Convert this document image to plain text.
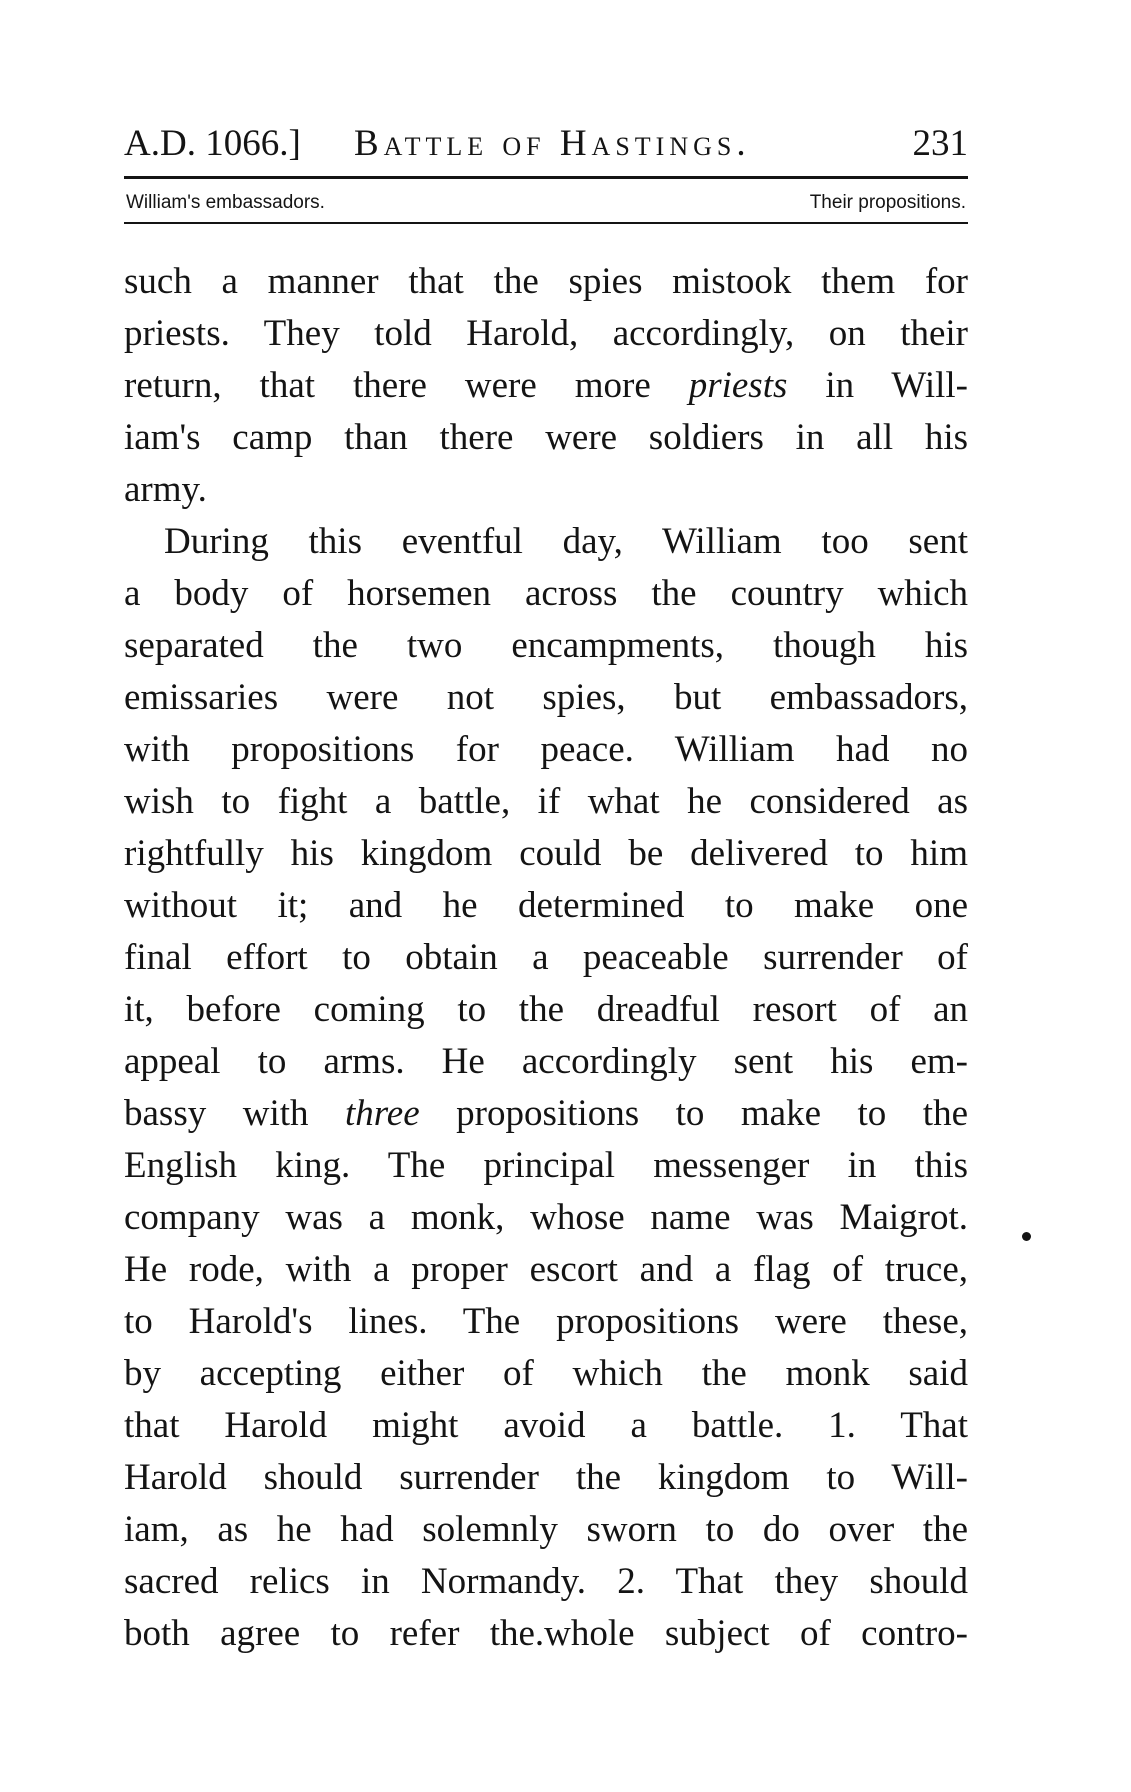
A.D. 1066.] Battle of Hastings.	231
William's embassadors.	Their propositions.
such a manner that the spies mistook them for
priests. They told Harold, accordingly, on their
return, that there were more priests in Will-
iam's camp than there were soldiers in all his
army.
During this eventful day, William too sent
a body of horsemen across the country which
separated the two encampments, though his
emissaries were not spies, but embassadors,
with propositions for peace. William had no
wish to fight a battle, if what he considered as
rightfully his kingdom could be delivered to him
without it; and he determined to make one
final effort to obtain a peaceable surrender of
it, before coming to the dreadful resort of an
appeal to arms. He accordingly sent his em-
bassy with three propositions to make to the
English king. The principal messenger in this
company was a monk, whose name was Maigrot.
He rode, with a proper escort and a flag of truce,
to Harold's lines. The propositions were these,
by accepting either of which the monk said
that Harold might avoid a battle. 1. That
Harold should surrender the kingdom to Will-
iam, as he had solemnly sworn to do over the
sacred relics in Normandy. 2. That they should
both agree to refer the.whole subject of contro-
